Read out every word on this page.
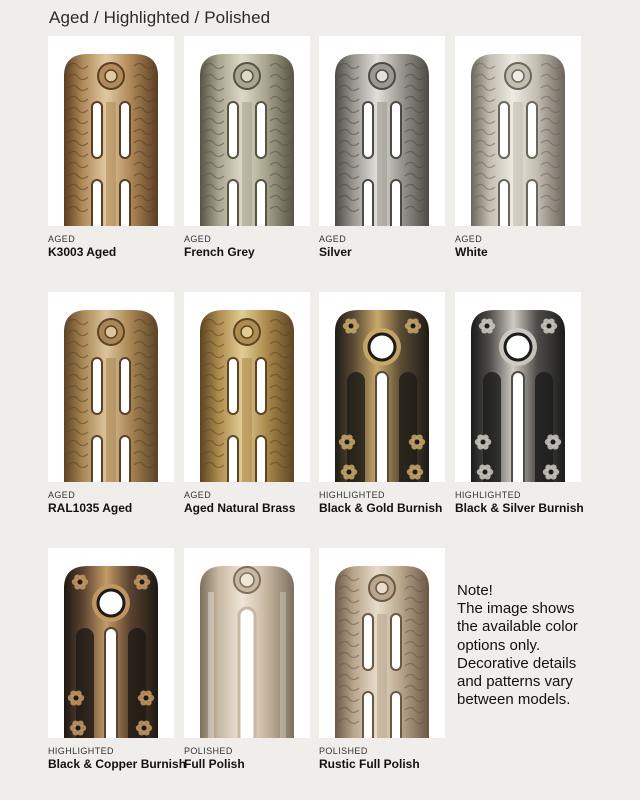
Aged / Highlighted / Polished
AGED
K3003 Aged
AGED
French Grey
AGED
Silver
AGED
White
AGED
RAL1035 Aged
AGED
Aged Natural Brass
HIGHLIGHTED
Black & Gold Burnish
HIGHLIGHTED
Black & Silver Burnish
HIGHLIGHTED
Black & Copper Burnish
POLISHED
Full Polish
POLISHED
Rustic Full Polish
Note!
The image shows
the available color
options only.
Decorative details
and patterns vary
between models.
